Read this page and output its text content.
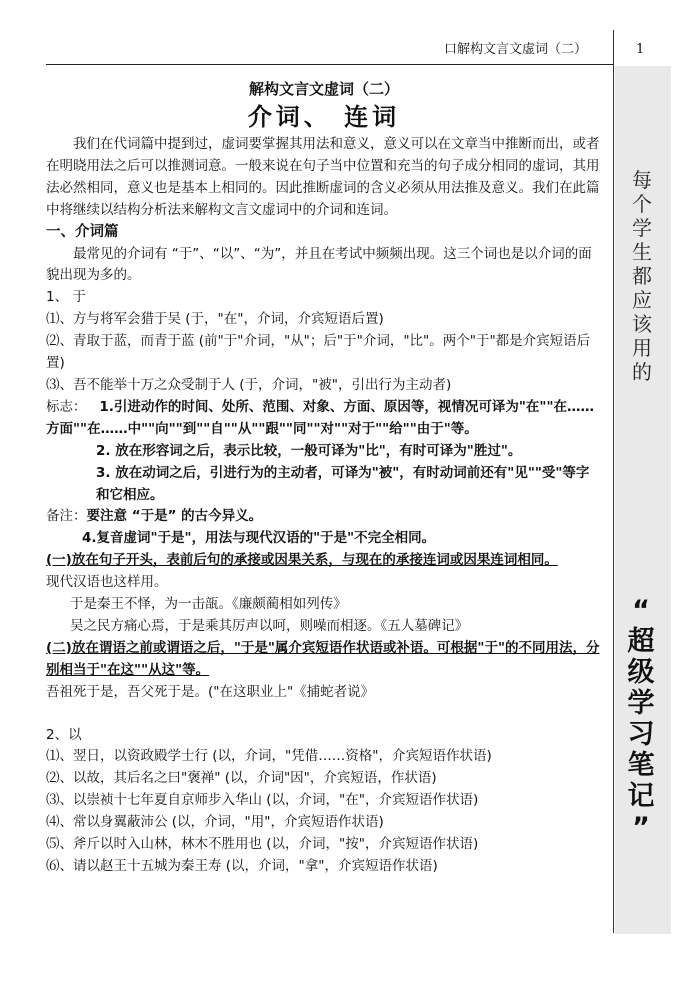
口解构文言文虚词（二）	1
每
个
学
生
都
应
该
用
的
“
超
级
学
习
笔
记
”

解构文言文虚词（二）

介词、 连词

我们在代词篇中提到过，虚词要掌握其用法和意义，意义可以在文章当中推断而出，或者在明晓用法之后可以推测词意。一般来说在句子当中位置和充当的句子成分相同的虚词，其用法必然相同，意义也是基本上相同的。因此推断虚词的含义必须从用法推及意义。我们在此篇中将继续以结构分析法来解构文言文虚词中的介词和连词。

一、介词篇

最常见的介词有 “于”、“以”、“为”，并且在考试中频频出现。这三个词也是以介词的面貌出现为多的。

1、 于

⑴、方与将军会猎于吴 (于，"在"，介词，介宾短语后置)

⑵、青取于蓝，而青于蓝 (前"于"介词，"从"；后"于"介词，"比"。两个"于"都是介宾短语后置)

⑶、吾不能举十万之众受制于人 (于，介词，"被"，引出行为主动者)

标志： 1.引进动作的时间、处所、范围、对象、方面、原因等，视情况可译为"在""在……方面""在……中""向""到""自""从""跟""同""对""对于""给""由于"等。

2. 放在形容词之后，表示比较，一般可译为"比"，有时可译为"胜过"。

3. 放在动词之后，引进行为的主动者，可译为"被"，有时动词前还有"见""受"等字和它相应。

备注：要注意 “于是” 的古今异义。

4.复音虚词"于是"，用法与现代汉语的"于是"不完全相同。

(一)放在句子开头，表前后句的承接或因果关系，与现在的承接连词或因果连词相同。

现代汉语也这样用。

于是秦王不怿，为一击瓿。《廉颇蔺相如列传》

吴之民方痛心焉，于是乘其厉声以呵，则噪而相逐。《五人墓碑记》

(二)放在谓语之前或谓语之后，"于是"属介宾短语作状语或补语。可根据"于"的不同用法，分别相当于"在这""从这"等。

吾祖死于是，吾父死于是。("在这职业上"《捕蛇者说》

2、以

⑴、翌日，以资政殿学士行 (以，介词，"凭借……资格"，介宾短语作状语)

⑵、以故，其后名之曰"褒禅" (以，介词"因"，介宾短语，作状语)

⑶、以崇祯十七年夏自京师步入华山 (以，介词，"在"，介宾短语作状语)

⑷、常以身翼蔽沛公 (以，介词，"用"，介宾短语作状语)

⑸、斧斤以时入山林，林木不胜用也 (以，介词，"按"，介宾短语作状语)

⑹、请以赵王十五城为秦王寿 (以，介词，"拿"，介宾短语作状语)
